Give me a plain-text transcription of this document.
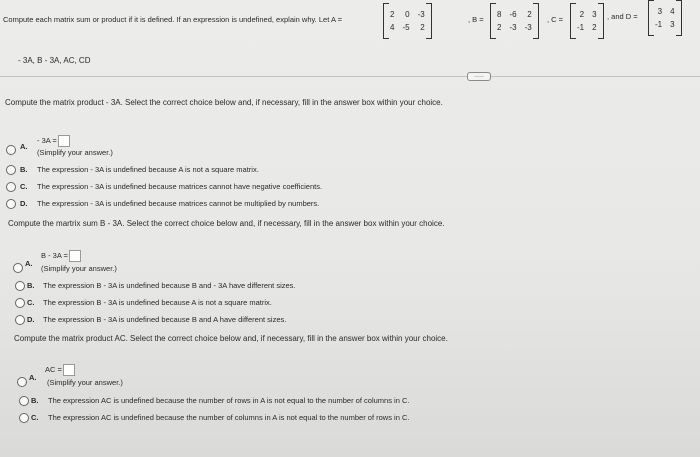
Compute each matrix sum or product if it is defined. If an expression is undefined, explain why. Let A =
2	0 -3
4 -5	2
, B =
8 -6	2
2 -3 -3
, C =
2 3
-1 2
, and D =
3 4
-1 3
- 3A, B - 3A, AC, CD
.....
Compute the matrix product - 3A. Select the correct choice below and, if necessary, fill in the answer box within your choice.
A.
- 3A =
(Simplify your answer.)
B. The expression - 3A is undefined because A is not a square matrix.
C. The expression - 3A is undefined because matrices cannot have negative coefficients.
D. The expression - 3A is undefined because matrices cannot be multiplied by numbers.
Compute the martrix sum B - 3A. Select the correct choice below and, if necessary, fill in the answer box within your choice.
A.
B - 3A =
(Simplify your answer.)
B. The expression B - 3A is undefined because B and - 3A have different sizes.
C. The expression B - 3A is undefined because A is not a square matrix.
D. The expression B - 3A is undefined because B and A have different sizes.
Compute the matrix product AC. Select the correct choice below and, if necessary, fill in the answer box within your choice.
A.
AC =
(Simplify your answer.)
B. The expression AC is undefined because the number of rows in A is not equal to the number of columns in C.
C. The expression AC is undefined because the number of columns in A is not equal to the number of rows in C.
